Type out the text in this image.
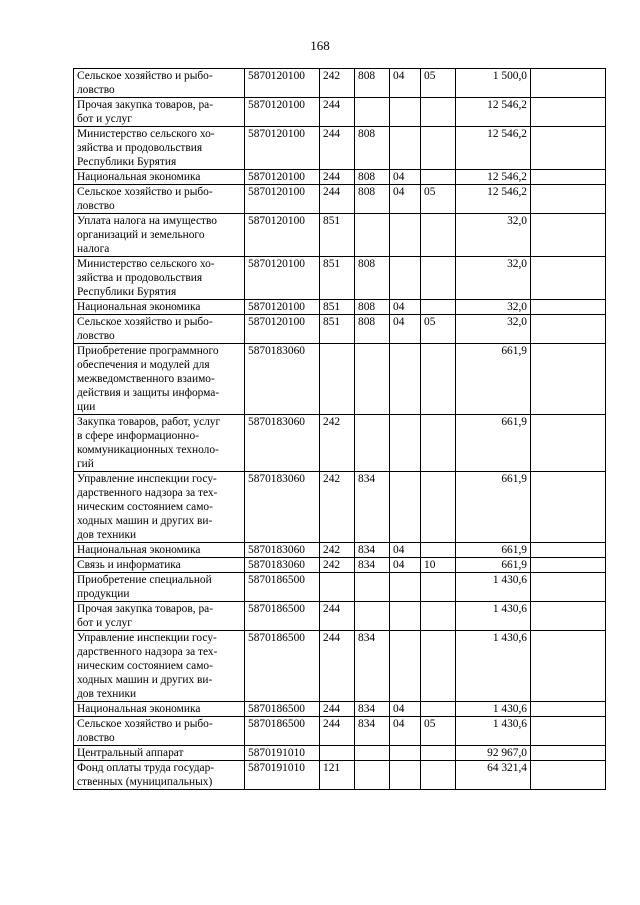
168
Сельское хозяйство и рыбо-
ловство	5870120100	242	808	04	05	1 500,0	
Прочая закупка товаров, ра-
бот и услуг	5870120100	244				12 546,2	
Министерство сельского хо-
зяйства и продовольствия
Республики Бурятия	5870120100	244	808			12 546,2	
Национальная экономика	5870120100	244	808	04		12 546,2	
Сельское хозяйство и рыбо-
ловство	5870120100	244	808	04	05	12 546,2	
Уплата налога на имущество
организаций и земельного
налога	5870120100	851				32,0	
Министерство сельского хо-
зяйства и продовольствия
Республики Бурятия	5870120100	851	808			32,0	
Национальная экономика	5870120100	851	808	04		32,0	
Сельское хозяйство и рыбо-
ловство	5870120100	851	808	04	05	32,0	
Приобретение программного
обеспечения и модулей для
межведомственного взаимо-
действия и защиты информа-
ции	5870183060					661,9	
Закупка товаров, работ, услуг
в сфере информационно-
коммуникационных техноло-
гий	5870183060	242				661,9	
Управление инспекции госу-
дарственного надзора за тех-
ническим состоянием само-
ходных машин и других ви-
дов техники	5870183060	242	834			661,9	
Национальная экономика	5870183060	242	834	04		661,9	
Связь и информатика	5870183060	242	834	04	10	661,9	
Приобретение специальной
продукции	5870186500					1 430,6	
Прочая закупка товаров, ра-
бот и услуг	5870186500	244				1 430,6	
Управление инспекции госу-
дарственного надзора за тех-
ническим состоянием само-
ходных машин и других ви-
дов техники	5870186500	244	834			1 430,6	
Национальная экономика	5870186500	244	834	04		1 430,6	
Сельское хозяйство и рыбо-
ловство	5870186500	244	834	04	05	1 430,6	
Центральный аппарат	5870191010					92 967,0	
Фонд оплаты труда государ-
ственных (муниципальных)	5870191010	121				64 321,4	
